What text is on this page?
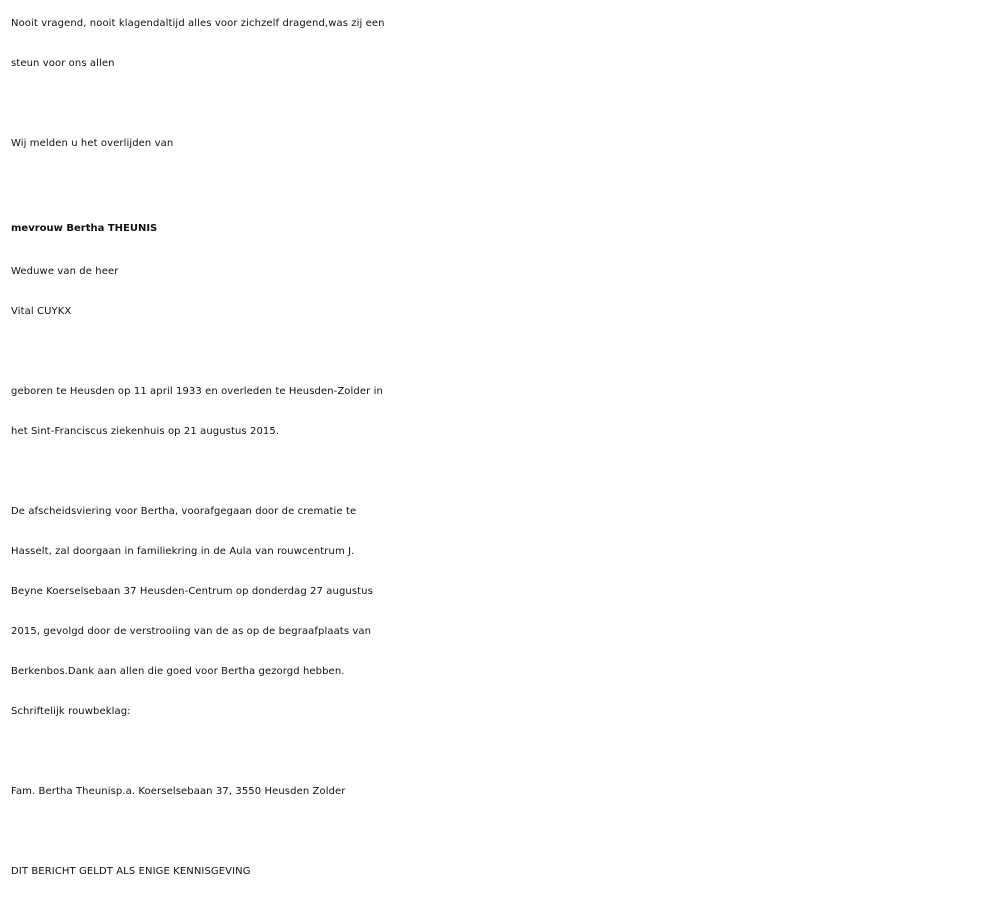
Nooit vragend, nooit klagendaltijd alles voor zichzelf dragend,was zij een

steun voor ons allen

Wij melden u het overlijden van

mevrouw Bertha THEUNIS

Weduwe van de heer

Vital CUYKX

geboren te Heusden op 11 april 1933 en overleden te Heusden-Zolder in

het Sint-Franciscus ziekenhuis op 21 augustus 2015.

De afscheidsviering voor Bertha, voorafgegaan door de crematie te

Hasselt, zal doorgaan in familiekring in de Aula van rouwcentrum J.

Beyne Koerselsebaan 37 Heusden-Centrum op donderdag 27 augustus

2015, gevolgd door de verstrooiing van de as op de begraafplaats van

Berkenbos.Dank aan allen die goed voor Bertha gezorgd hebben.

Schriftelijk rouwbeklag:

Fam. Bertha Theunisp.a. Koerselsebaan 37, 3550 Heusden Zolder

DIT BERICHT GELDT ALS ENIGE KENNISGEVING
